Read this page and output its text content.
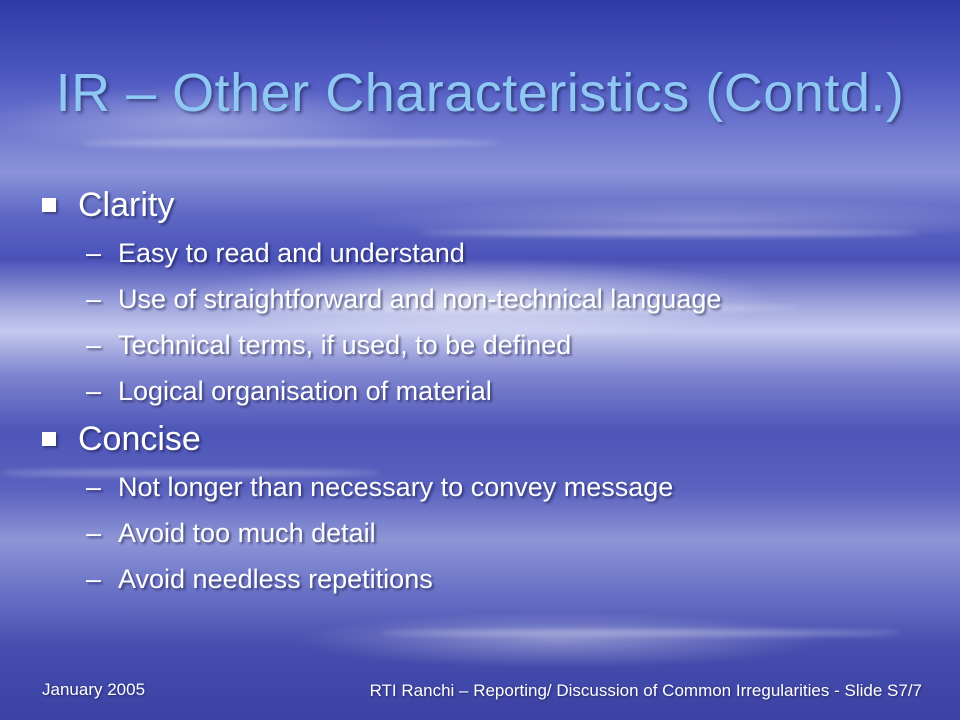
IR – Other Characteristics (Contd.)
Clarity
– Easy to read and understand
– Use of straightforward and non-technical language
– Technical terms, if used, to be defined
– Logical organisation of material
Concise
– Not longer than necessary to convey message
– Avoid too much detail
– Avoid needless repetitions
January 2005	RTI Ranchi – Reporting/ Discussion of Common Irregularities - Slide S7/7
